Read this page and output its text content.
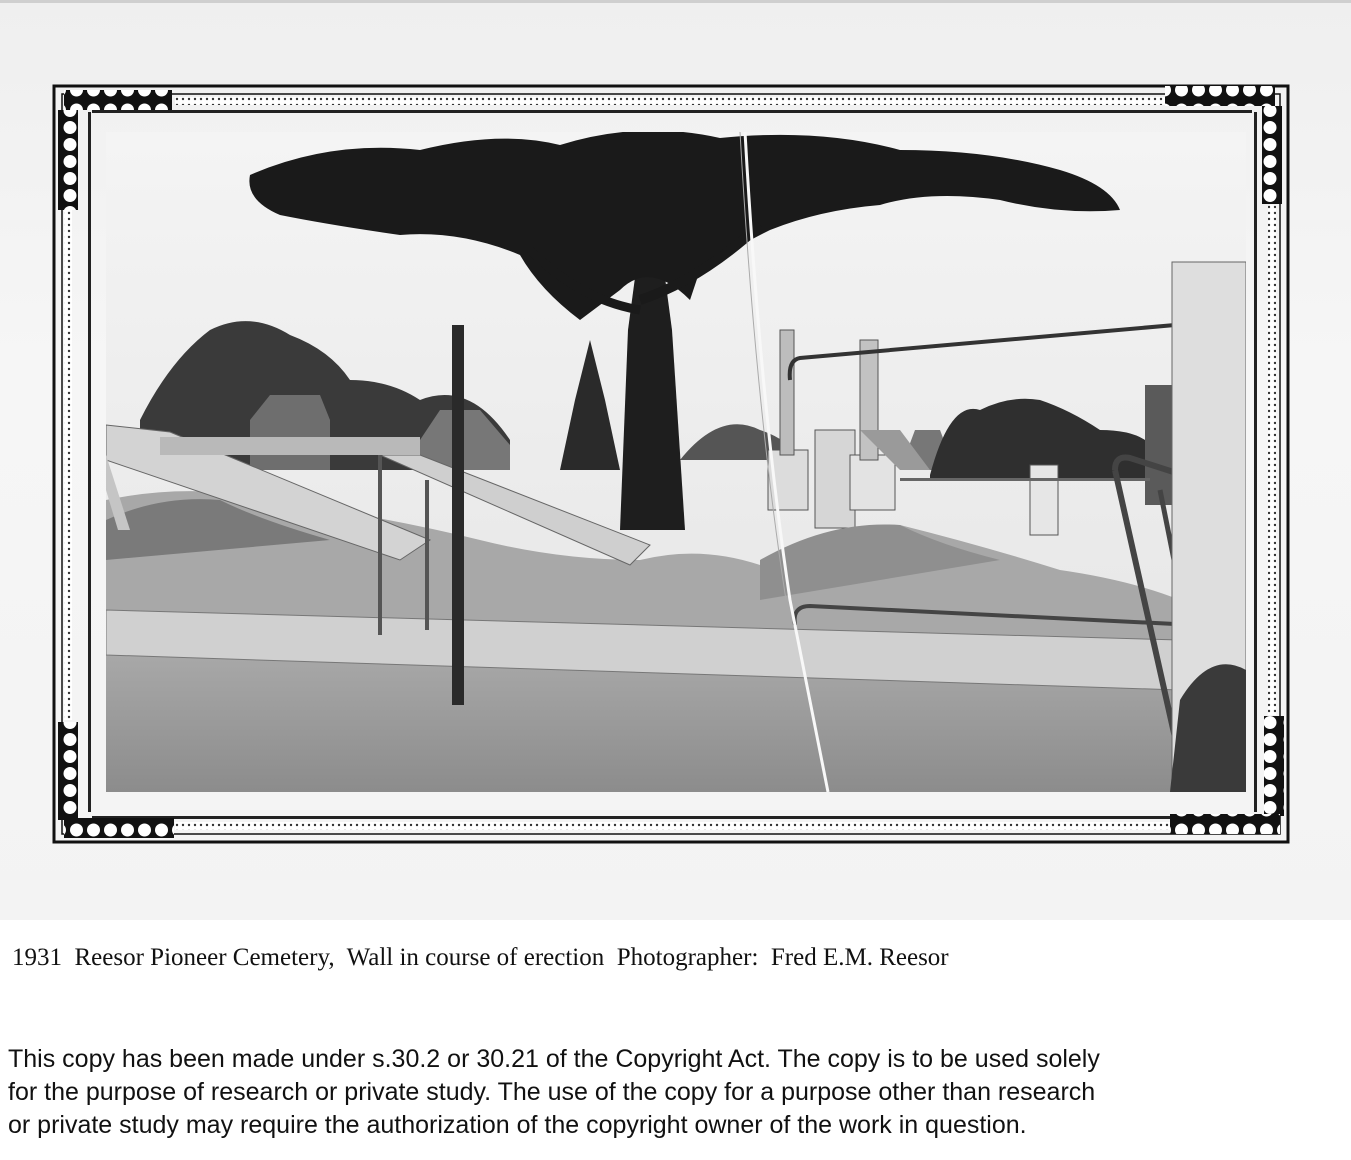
1931  Reesor Pioneer Cemetery,  Wall in course of erection  Photographer:  Fred E.M. Reesor
This copy has been made under s.30.2 or 30.21 of the Copyright Act. The copy is to be used solely
for the purpose of research or private study. The use of the copy for a purpose other than research
or private study may require the authorization of the copyright owner of the work in question.
